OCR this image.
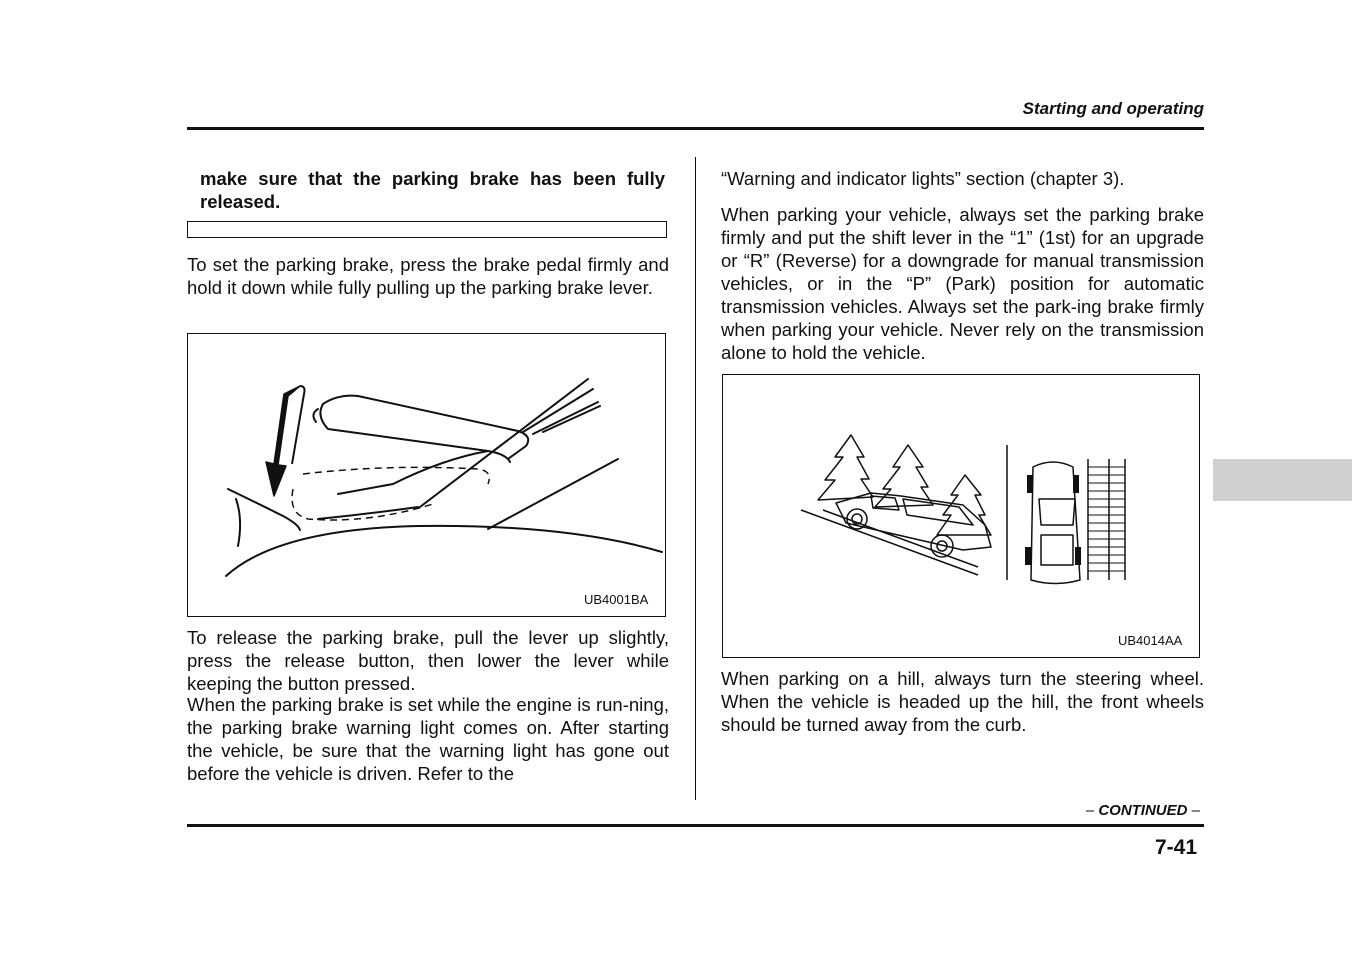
Starting and operating
make sure that the parking brake has been fully released.
To set the parking brake, press the brake pedal firmly and hold it down while fully pulling up the parking brake lever.
UB4001BA
To release the parking brake, pull the lever up slightly, press the release button, then lower the lever while keeping the button pressed.
When the parking brake is set while the engine is run-ning, the parking brake warning light comes on. After starting the vehicle, be sure that the warning light has gone out before the vehicle is driven. Refer to the
“Warning and indicator lights” section (chapter 3).
When parking your vehicle, always set the parking brake firmly and put the shift lever in the “1” (1st) for an upgrade or “R” (Reverse) for a downgrade for manual transmission vehicles, or in the “P” (Park) position for automatic transmission vehicles. Always set the park-ing brake firmly when parking your vehicle. Never rely on the transmission alone to hold the vehicle.
UB4014AA
When parking on a hill, always turn the steering wheel. When the vehicle is headed up the hill, the front wheels should be turned away from the curb.
– CONTINUED –
7-41
